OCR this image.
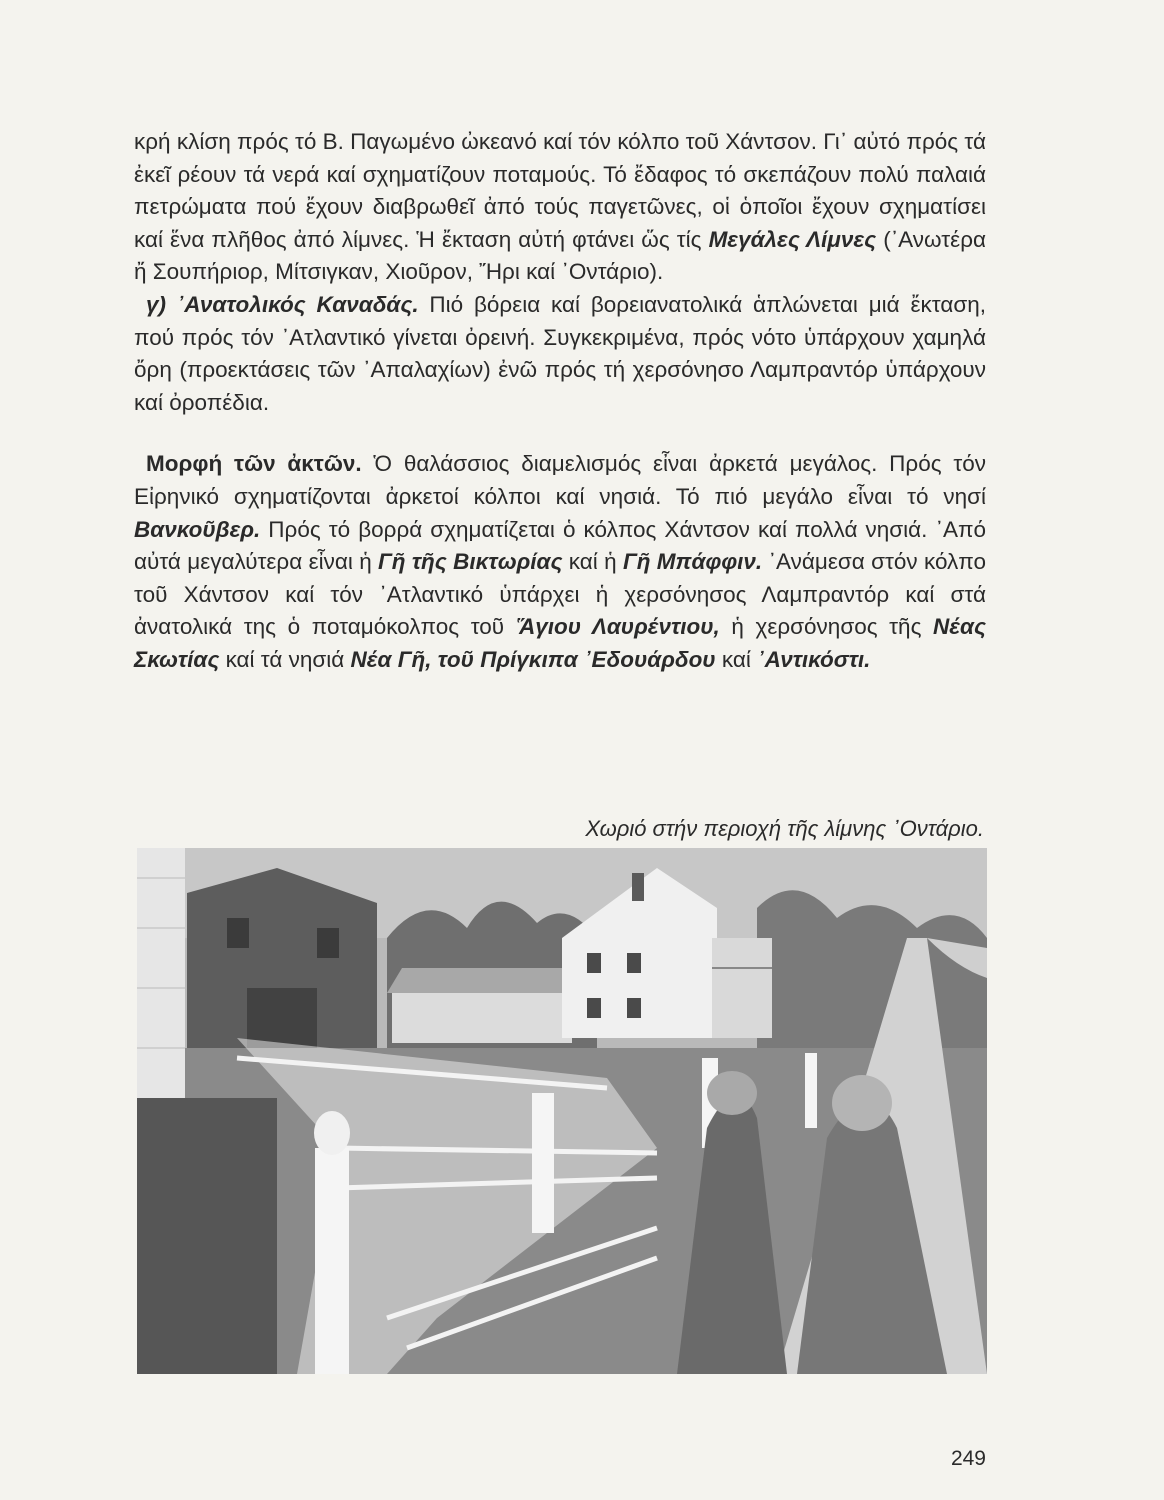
κρή κλίση πρός τό Β. Παγωμένο ὠκεανό καί τόν κόλπο τοῦ Χάντσον. Γι᾽ αὐτό πρός τά ἐκεῖ ρέουν τά νερά καί σχηματίζουν ποταμούς. Τό ἔδαφος τό σκεπάζουν πολύ παλαιά πετρώματα πού ἔχουν διαβρωθεῖ ἀπό τούς παγετῶνες, οἱ ὁποῖοι ἔχουν σχηματίσει καί ἕνα πλῆθος ἀπό λίμνες. Ἡ ἔκταση αὐτή φτάνει ὥς τίς Μεγάλες Λίμνες (᾽Ανωτέρα ἤ Σουπήριορ, Μίτσιγκαν, Χιοῦρον, Ἤρι καί ᾽Οντάριο).

γ) ᾽Ανατολικός Καναδάς. Πιό βόρεια καί βορειανατολικά ἁπλώνεται μιά ἔκταση, πού πρός τόν ᾽Ατλαντικό γίνεται ὀρεινή. Συγκεκριμένα, πρός νότο ὑπάρχουν χαμηλά ὄρη (προεκτάσεις τῶν ᾽Απαλαχίων) ἐνῶ πρός τή χερσόνησο Λαμπραντόρ ὑπάρχουν καί ὀροπέδια.

Μορφή τῶν ἀκτῶν. Ὁ θαλάσσιος διαμελισμός εἶναι ἀρκετά μεγάλος. Πρός τόν Εἰρηνικό σχηματίζονται ἀρκετοί κόλποι καί νησιά. Τό πιό μεγάλο εἶναι τό νησί Βανκοῦβερ. Πρός τό βορρά σχηματίζεται ὁ κόλπος Χάντσον καί πολλά νησιά. ᾽Από αὐτά μεγαλύτερα εἶναι ἡ Γῆ τῆς Βικτωρίας καί ἡ Γῆ Μπάφφιν. ᾽Ανάμεσα στόν κόλπο τοῦ Χάντσον καί τόν ᾽Ατλαντικό ὑπάρχει ἡ χερσόνησος Λαμπραντόρ καί στά ἀνατολικά της ὁ ποταμόκολπος τοῦ Ἅγιου Λαυρέντιου, ἡ χερσόνησος τῆς Νέας Σκωτίας καί τά νησιά Νέα Γῆ, τοῦ Πρίγκιπα ᾽Εδουάρδου καί ᾽Αντικόστι.

Χωριό στήν περιοχή τῆς λίμνης ᾽Οντάριο.
249
